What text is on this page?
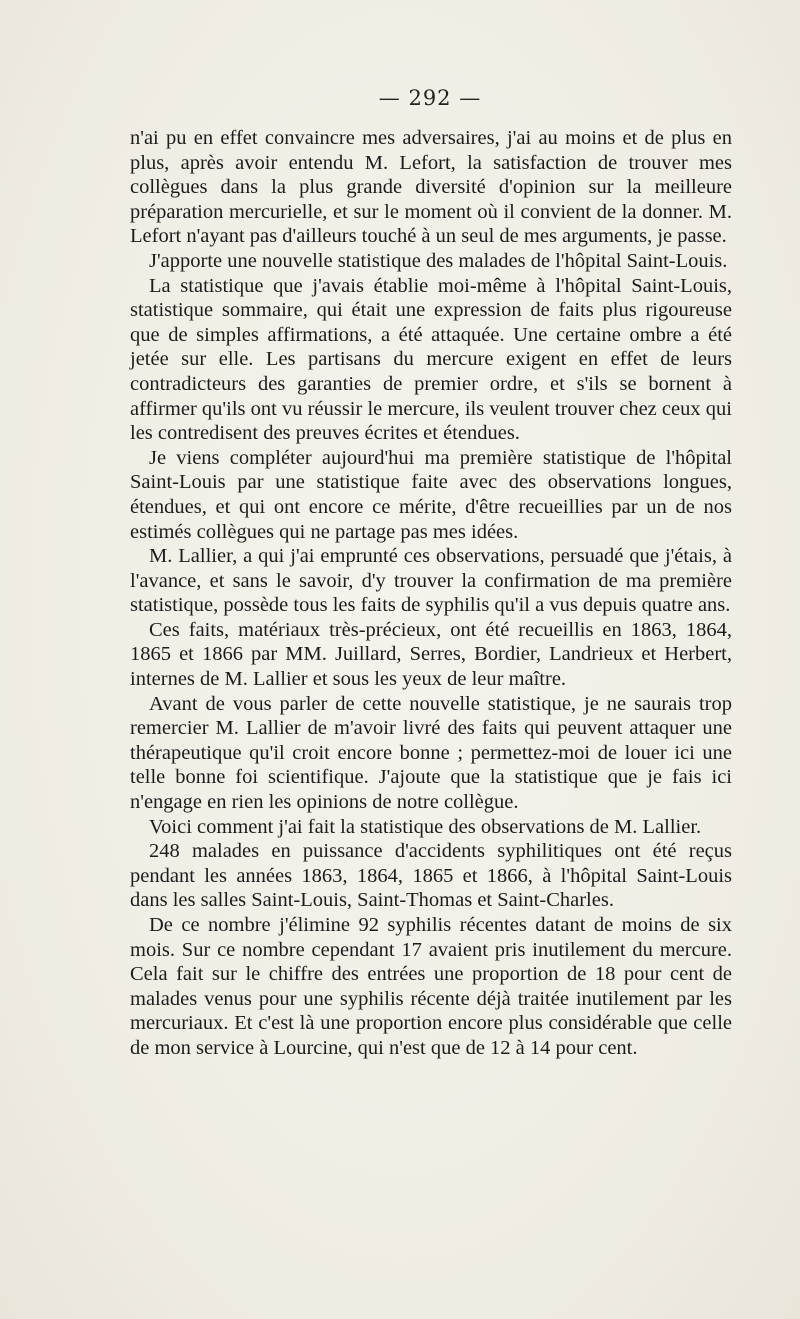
— 292 —

n'ai pu en effet convaincre mes adversaires, j'ai au moins et de plus en plus, après avoir entendu M. Lefort, la satisfaction de trouver mes collègues dans la plus grande diversité d'opinion sur la meilleure préparation mercurielle, et sur le moment où il convient de la donner. M. Lefort n'ayant pas d'ailleurs touché à un seul de mes arguments, je passe.

J'apporte une nouvelle statistique des malades de l'hôpital Saint-Louis.

La statistique que j'avais établie moi-même à l'hôpital Saint-Louis, statistique sommaire, qui était une expression de faits plus rigoureuse que de simples affirmations, a été attaquée. Une certaine ombre a été jetée sur elle. Les partisans du mercure exigent en effet de leurs contradicteurs des garanties de premier ordre, et s'ils se bornent à affirmer qu'ils ont vu réussir le mercure, ils veulent trouver chez ceux qui les contredisent des preuves écrites et étendues.

Je viens compléter aujourd'hui ma première statistique de l'hôpital Saint-Louis par une statistique faite avec des observations longues, étendues, et qui ont encore ce mérite, d'être recueillies par un de nos estimés collègues qui ne partage pas mes idées.

M. Lallier, a qui j'ai emprunté ces observations, persuadé que j'étais, à l'avance, et sans le savoir, d'y trouver la confirmation de ma première statistique, possède tous les faits de syphilis qu'il a vus depuis quatre ans.

Ces faits, matériaux très-précieux, ont été recueillis en 1863, 1864, 1865 et 1866 par MM. Juillard, Serres, Bordier, Landrieux et Herbert, internes de M. Lallier et sous les yeux de leur maître.

Avant de vous parler de cette nouvelle statistique, je ne saurais trop remercier M. Lallier de m'avoir livré des faits qui peuvent attaquer une thérapeutique qu'il croit encore bonne ; permettez-moi de louer ici une telle bonne foi scientifique. J'ajoute que la statistique que je fais ici n'engage en rien les opinions de notre collègue.

Voici comment j'ai fait la statistique des observations de M. Lallier.

248 malades en puissance d'accidents syphilitiques ont été reçus pendant les années 1863, 1864, 1865 et 1866, à l'hôpital Saint-Louis dans les salles Saint-Louis, Saint-Thomas et Saint-Charles.

De ce nombre j'élimine 92 syphilis récentes datant de moins de six mois. Sur ce nombre cependant 17 avaient pris inutilement du mercure. Cela fait sur le chiffre des entrées une proportion de 18 pour cent de malades venus pour une syphilis récente déjà traitée inutilement par les mercuriaux. Et c'est là une proportion encore plus considérable que celle de mon service à Lourcine, qui n'est que de 12 à 14 pour cent.
